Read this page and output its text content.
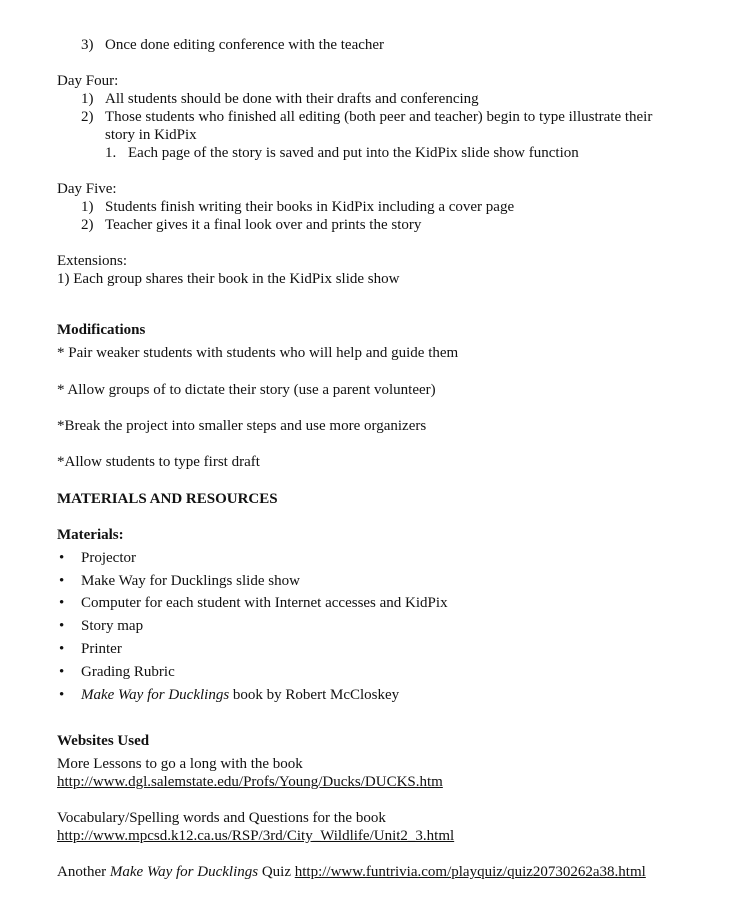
3) Once done editing conference with the teacher
Day Four:
1) All students should be done with their drafts and conferencing
2) Those students who finished all editing (both peer and teacher) begin to type illustrate their
story in KidPix
1. Each page of the story is saved and put into the KidPix slide show function
Day Five:
1) Students finish writing their books in KidPix including a cover page
2) Teacher gives it a final look over and prints the story
Extensions:
1) Each group shares their book in the KidPix slide show
Modifications
* Pair weaker students with students who will help and guide them
* Allow groups of to dictate their story (use a parent volunteer)
*Break the project into smaller steps and use more organizers
*Allow students to type first draft
MATERIALS AND RESOURCES
Materials:
• Projector
• Make Way for Ducklings slide show
• Computer for each student with Internet accesses and KidPix
• Story map
• Printer
• Grading Rubric
• Make Way for Ducklings book by Robert McCloskey
Websites Used
More Lessons to go a long with the book
http://www.dgl.salemstate.edu/Profs/Young/Ducks/DUCKS.htm
Vocabulary/Spelling words and Questions for the book
http://www.mpcsd.k12.ca.us/RSP/3rd/City_Wildlife/Unit2_3.html
Another Make Way for Ducklings Quiz http://www.funtrivia.com/playquiz/quiz20730262a38.html
